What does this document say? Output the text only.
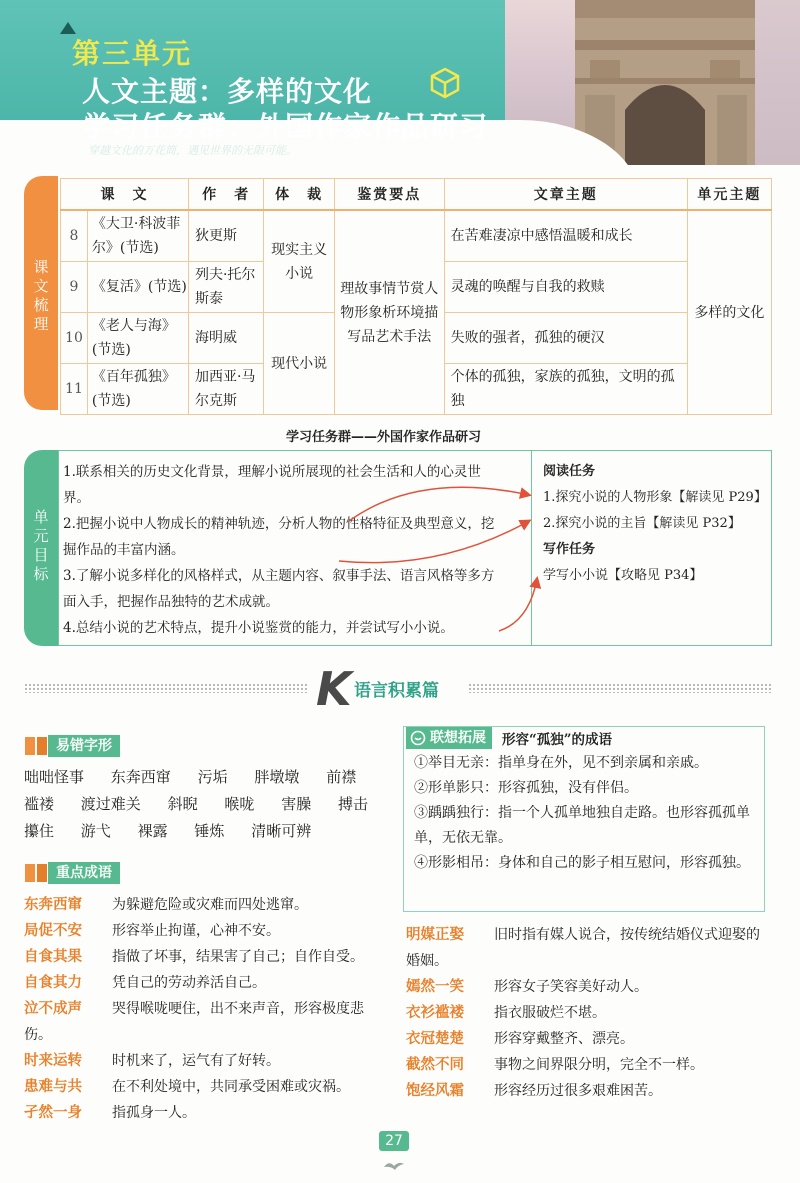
第三单元
人文主题：多样的文化
学习任务群：外国作家作品研习
穿越文化的万花筒，遇见世界的无限可能。
课文梳理
课　文		作　者	体　裁	鉴赏要点	文章主题	单元主题
8	《大卫·科波菲尔》(节选)	狄更斯	现实主义小说	理故事情节赏人物形象析环境描写品艺术手法	在苦难凄凉中感悟温暖和成长	多样的文化
9	《复活》(节选)	列夫·托尔斯泰			灵魂的唤醒与自我的救赎	
10	《老人与海》(节选)	海明威	现代小说		失败的强者，孤独的硬汉	
11	《百年孤独》(节选)	加西亚·马尔克斯			个体的孤独，家族的孤独，文明的孤独	
学习任务群——外国作家作品研习
单元目标

1.联系相关的历史文化背景，理解小说所展现的社会生活和人的心灵世界。

2.把握小说中人物成长的精神轨迹，分析人物的性格特征及典型意义，挖掘作品的丰富内涵。

3.了解小说多样化的风格样式，从主题内容、叙事手法、语言风格等多方面入手，把握作品独特的艺术成就。

4.总结小说的艺术特点，提升小说鉴赏的能力，并尝试写小小说。

阅读任务
1.探究小说的人物形象【解读见 P29】
2.探究小说的主旨【解读见 P32】
写作任务
学写小小说【攻略见 P34】
K 语言积累篇
易错字形
咄咄怪事 东奔西窜 污垢 胖墩墩 前襟
褴褛 渡过难关 斜睨 喉咙 害臊 搏击
攥住 游弋 裸露 锤炼 清晰可辨
重点成语
东奔西窜 为躲避危险或灾难而四处逃窜。
局促不安 形容举止拘谨，心神不安。
自食其果 指做了坏事，结果害了自己；自作自受。
自食其力 凭自己的劳动养活自己。
泣不成声 哭得喉咙哽住，出不来声音，形容极度悲伤。
时来运转 时机来了，运气有了好转。
患难与共 在不利处境中，共同承受困难或灾祸。
孑然一身 指孤身一人。
联想拓展	形容“孤独”的成语

①举目无亲：指单身在外，见不到亲属和亲戚。

②形单影只：形容孤独，没有伴侣。

③踽踽独行：指一个人孤单地独自走路。也形容孤孤单单，无依无靠。

④形影相吊：身体和自己的影子相互慰问，形容孤独。

明媒正娶 旧时指有媒人说合，按传统结婚仪式迎娶的婚姻。
嫣然一笑 形容女子笑容美好动人。
衣衫褴褛 指衣服破烂不堪。
衣冠楚楚 形容穿戴整齐、漂亮。
截然不同 事物之间界限分明，完全不一样。
饱经风霜 形容经历过很多艰难困苦。
27
